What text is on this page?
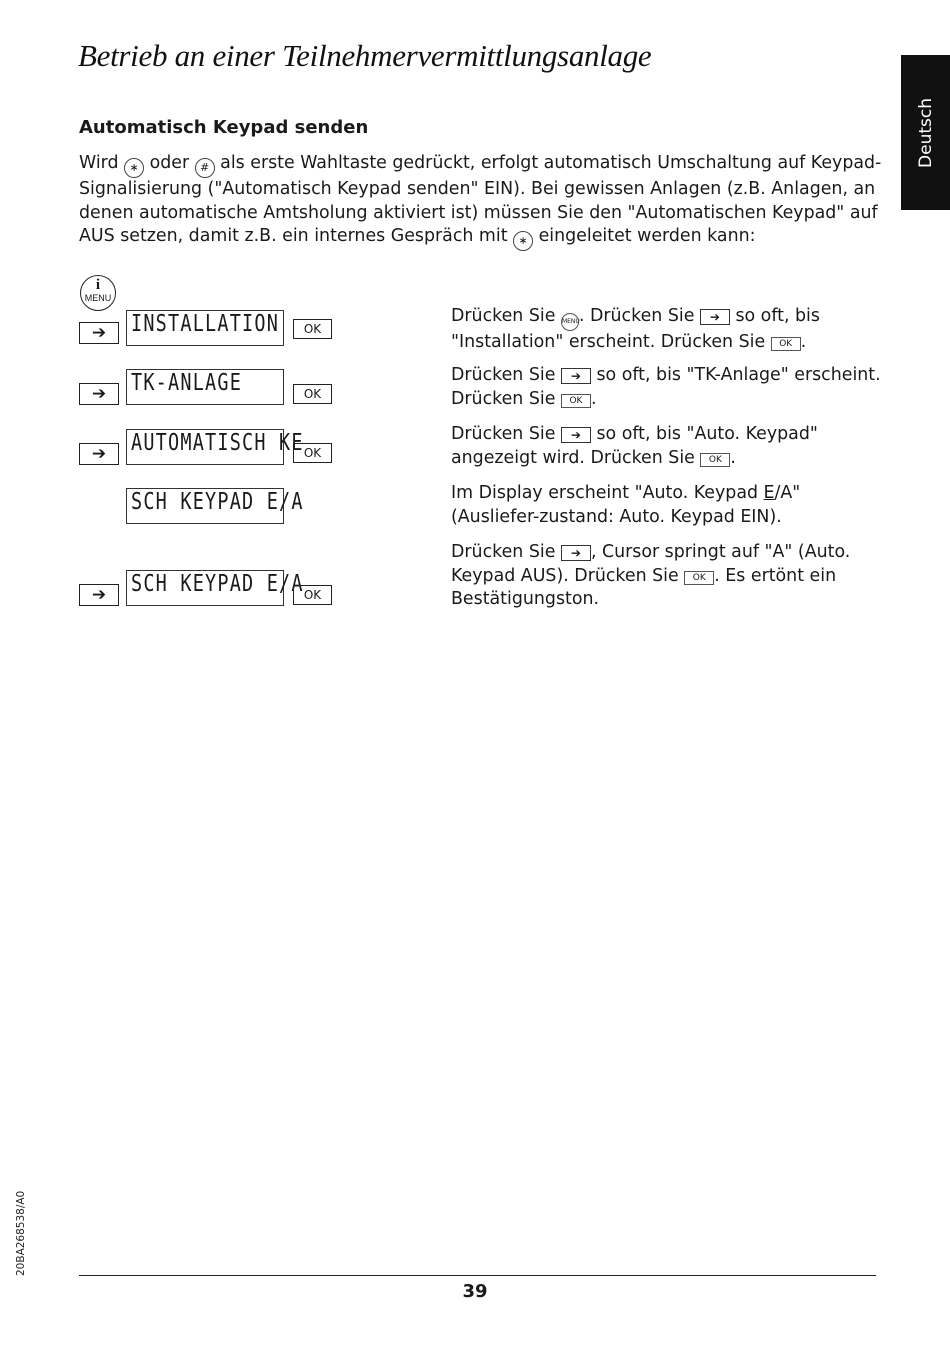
Betrieb an einer Teilnehmervermittlungsanlage
Deutsch
Automatisch Keypad senden
Wird ∗ oder # als erste Wahltaste gedrückt, erfolgt automatisch Umschaltung auf Keypad-Signalisierung ("Automatisch Keypad senden" EIN). Bei gewissen Anlagen (z.B. Anlagen, an denen automatische Amtsholung aktiviert ist) müssen Sie den "Automatischen Keypad" auf AUS setzen, damit z.B. ein internes Gespräch mit ∗ eingeleitet werden kann:
i
MENU
➔	INSTALLATION	OK
➔	TK-ANLAGE	OK
➔	AUTOMATISCH KE OK
SCH KEYPAD E/A
➔	SCH KEYPAD E/A OK
Drücken Sie MENU. Drücken Sie ➔ so oft, bis "Installation" erscheint. Drücken Sie OK .
Drücken Sie ➔ so oft, bis "TK-Anlage" erscheint. Drücken Sie OK .
Drücken Sie ➔ so oft, bis "Auto. Keypad" angezeigt wird. Drücken Sie OK .
Im Display erscheint "Auto. Keypad E/A" (Ausliefer-zustand: Auto. Keypad EIN).
Drücken Sie ➔ , Cursor springt auf "A" (Auto. Keypad AUS). Drücken Sie OK . Es ertönt ein Bestätigungston.
20BA268538/A0
39
